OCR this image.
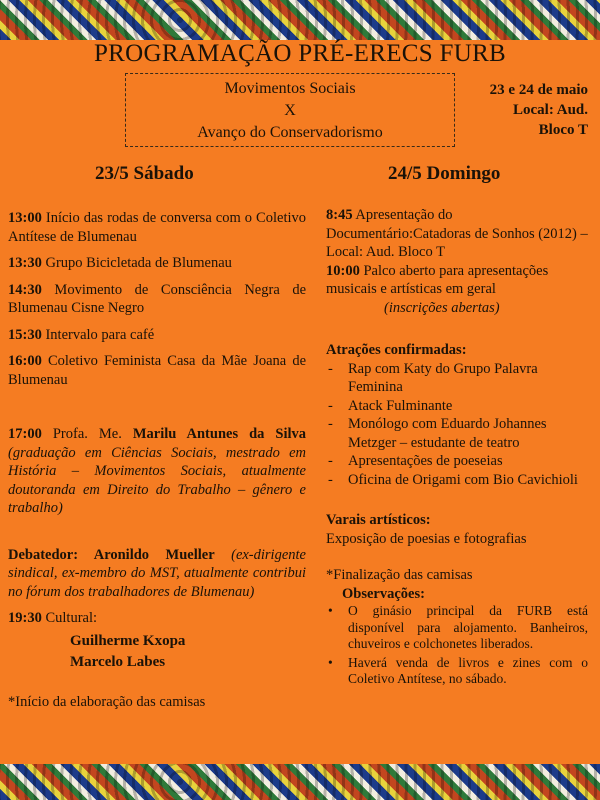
PROGRAMAÇÃO PRÉ-ERECS FURB
Movimentos Sociais
X
Avanço do Conservadorismo
23 e 24 de maio
Local: Aud.
Bloco T
23/5 Sábado	24/5 Domingo
13:00 Início das rodas de conversa com o Coletivo Antítese de Blumenau
13:30 Grupo Bicicletada de Blumenau
14:30 Movimento de Consciência Negra de Blumenau Cisne Negro
15:30 Intervalo para café
16:00 Coletivo Feminista Casa da Mãe Joana de Blumenau
17:00 Profa. Me. Marilu Antunes da Silva (graduação em Ciências Sociais, mestrado em História – Movimentos Sociais, atualmente doutoranda em Direito do Trabalho – gênero e trabalho)
Debatedor: Aronildo Mueller (ex-dirigente sindical, ex-membro do MST, atualmente contribui no fórum dos trabalhadores de Blumenau)
19:30 Cultural:
Guilherme Kxopa
Marcelo Labes
*Início da elaboração das camisas
8:45 Apresentação do Documentário:Catadoras de Sonhos (2012) – Local: Aud. Bloco T
10:00 Palco aberto para apresentações musicais e artísticas em geral
(inscrições abertas)
Atrações confirmadas:
- Rap com Katy do Grupo Palavra Feminina
- Atack Fulminante
- Monólogo com Eduardo Johannes Metzger – estudante de teatro
- Apresentações de poeseias
- Oficina de Origami com Bio Cavichioli
Varais artísticos:
Exposição de poesias e fotografias
*Finalização das camisas
Observações:
• O ginásio principal da FURB está disponível para alojamento. Banheiros, chuveiros e colchonetes liberados.
• Haverá venda de livros e zines com o Coletivo Antítese, no sábado.
